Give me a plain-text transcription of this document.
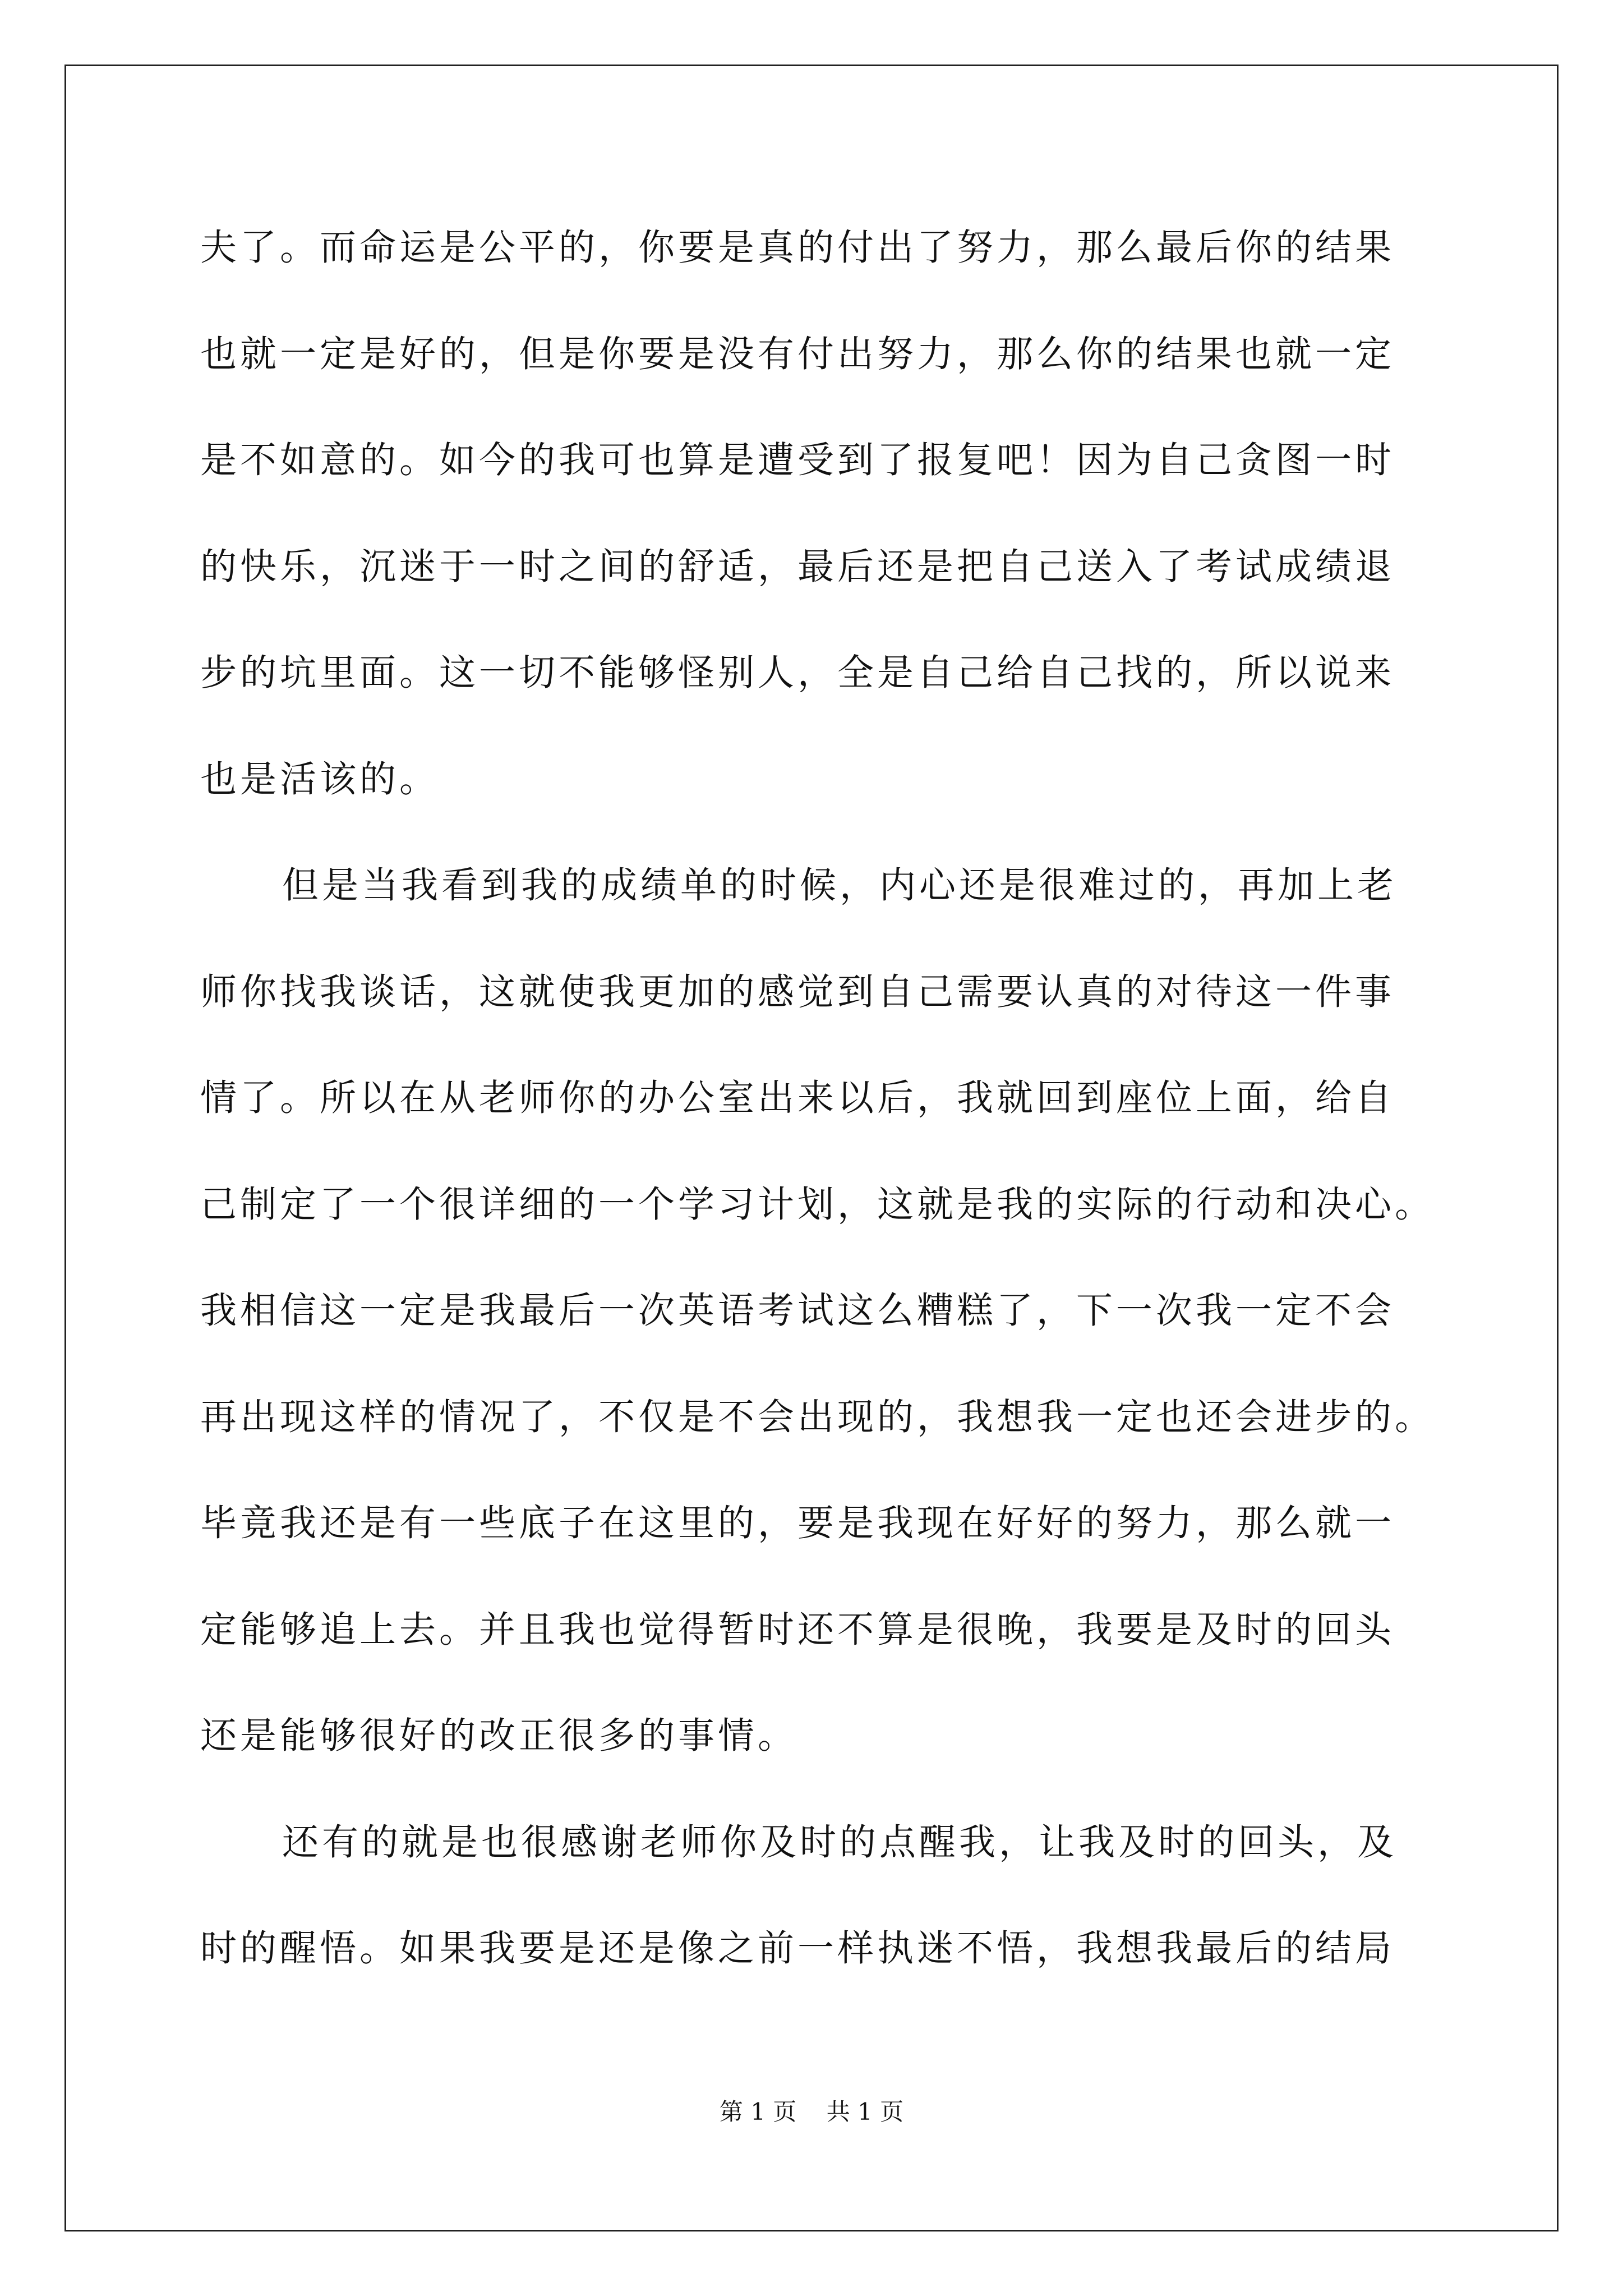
夫了。而命运是公平的，你要是真的付出了努力，那么最后你的结果
也就一定是好的，但是你要是没有付出努力，那么你的结果也就一定
是不如意的。如今的我可也算是遭受到了报复吧！因为自己贪图一时
的快乐，沉迷于一时之间的舒适，最后还是把自己送入了考试成绩退
步的坑里面。这一切不能够怪别人，全是自己给自己找的，所以说来
也是活该的。
但是当我看到我的成绩单的时候，内心还是很难过的，再加上老
师你找我谈话，这就使我更加的感觉到自己需要认真的对待这一件事
情了。所以在从老师你的办公室出来以后，我就回到座位上面，给自
己制定了一个很详细的一个学习计划，这就是我的实际的行动和决心。
我相信这一定是我最后一次英语考试这么糟糕了，下一次我一定不会
再出现这样的情况了，不仅是不会出现的，我想我一定也还会进步的。
毕竟我还是有一些底子在这里的，要是我现在好好的努力，那么就一
定能够追上去。并且我也觉得暂时还不算是很晚，我要是及时的回头
还是能够很好的改正很多的事情。
还有的就是也很感谢老师你及时的点醒我，让我及时的回头，及
时的醒悟。如果我要是还是像之前一样执迷不悟，我想我最后的结局
第 1 页    共 1 页
